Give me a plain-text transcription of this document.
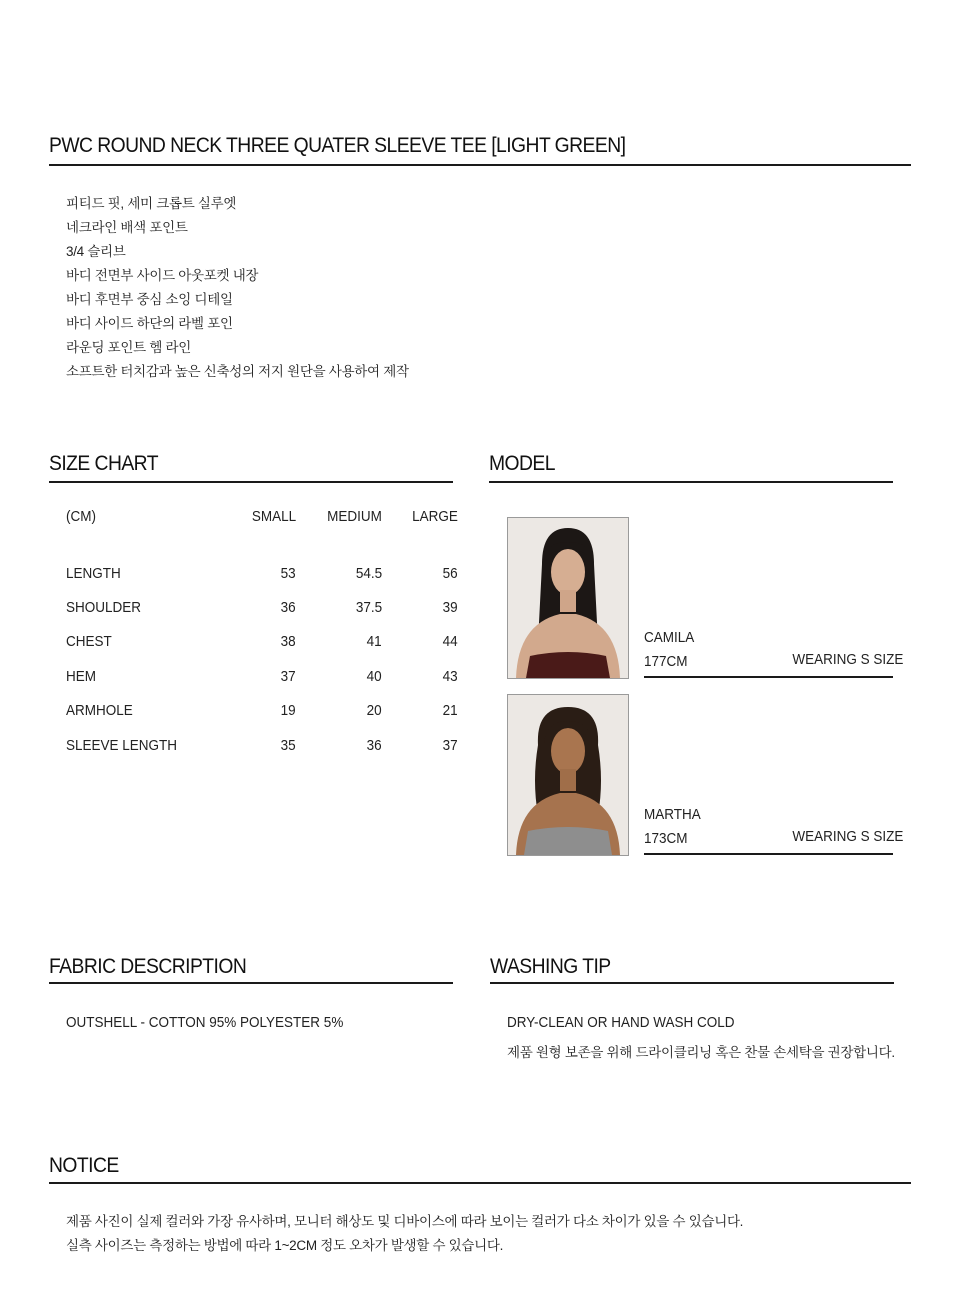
PWC ROUND NECK THREE QUATER SLEEVE TEE [LIGHT GREEN]
피티드 핏, 세미 크롭트 실루엣
네크라인 배색 포인트
3/4 슬리브
바디 전면부 사이드 아웃포켓 내장
바디 후면부 중심 소잉 디테일
바디 사이드 하단의 라벨 포인
라운딩 포인트 헴 라인
소프트한 터치감과 높은 신축성의 저지 원단을 사용하여 제작
SIZE CHART
(CM)	SMALL	MEDIUM	LARGE
LENGTH	53	54.5	56
SHOULDER	36	37.5	39
CHEST	38	41	44
HEM	37	40	43
ARMHOLE	19	20	21
SLEEVE LENGTH	35	36	37
MODEL
CAMILA
177CM	WEARING S SIZE
MARTHA
173CM	WEARING S SIZE
FABRIC DESCRIPTION
OUTSHELL - COTTON 95% POLYESTER 5%
WASHING TIP
DRY-CLEAN OR HAND WASH COLD
제품 원형 보존을 위해 드라이클리닝 혹은 찬물 손세탁을 권장합니다.
NOTICE

제품 사진이 실제 컬러와 가장 유사하며, 모니터 해상도 및 디바이스에 따라 보이는 컬러가 다소 차이가 있을 수 있습니다.

실측 사이즈는 측정하는 방법에 따라 1~2CM 정도 오차가 발생할 수 있습니다.
